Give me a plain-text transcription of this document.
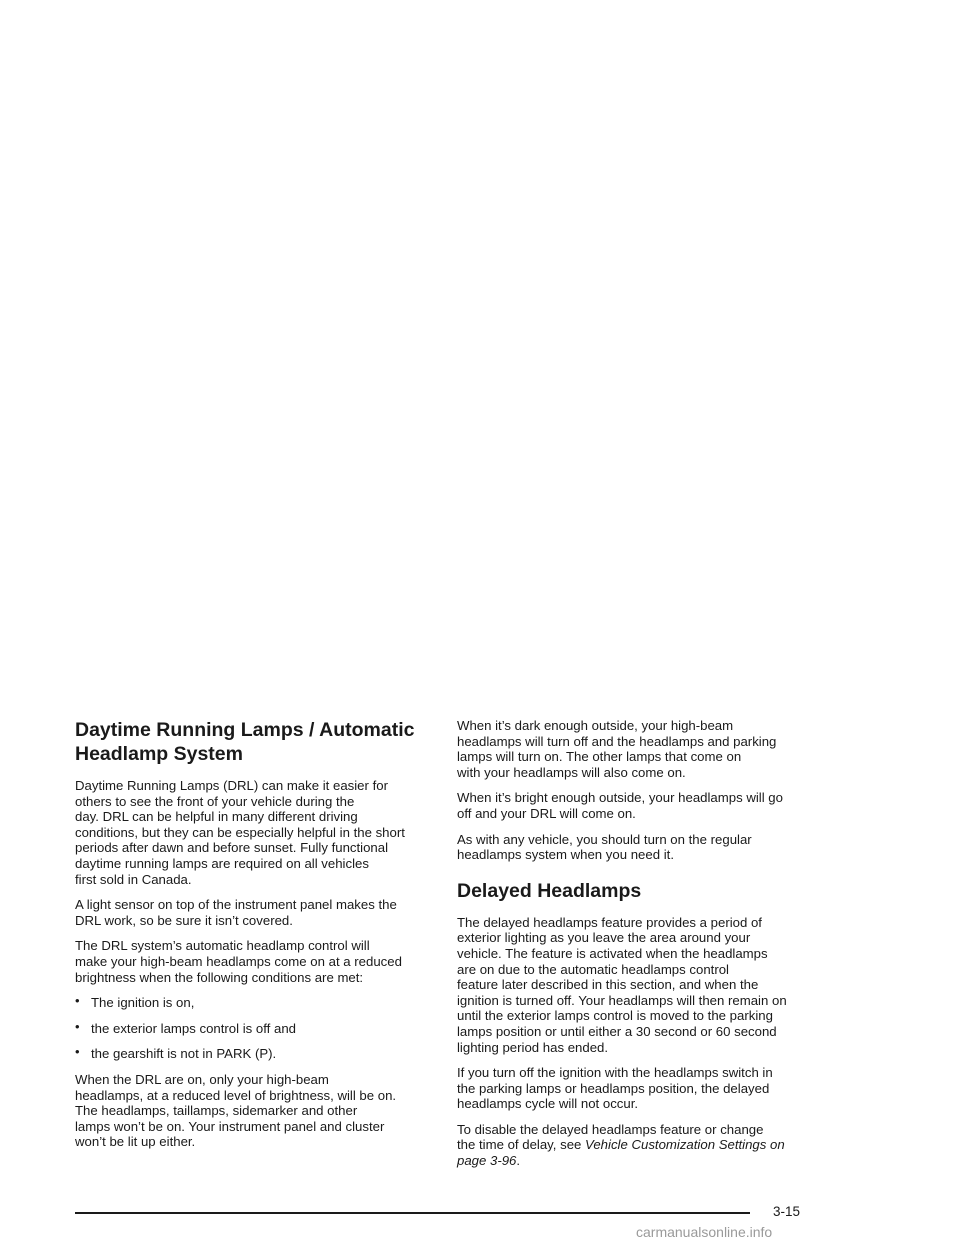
Daytime Running Lamps / Automatic
Headlamp System

Daytime Running Lamps (DRL) can make it easier for
others to see the front of your vehicle during the
day. DRL can be helpful in many different driving
conditions, but they can be especially helpful in the short
periods after dawn and before sunset. Fully functional
daytime running lamps are required on all vehicles
first sold in Canada.

A light sensor on top of the instrument panel makes the
DRL work, so be sure it isn’t covered.

The DRL system’s automatic headlamp control will
make your high-beam headlamps come on at a reduced
brightness when the following conditions are met:

• The ignition is on,
• the exterior lamps control is off and
• the gearshift is not in PARK (P).

When the DRL are on, only your high-beam
headlamps, at a reduced level of brightness, will be on.
The headlamps, taillamps, sidemarker and other
lamps won’t be on. Your instrument panel and cluster
won’t be lit up either.

When it’s dark enough outside, your high-beam
headlamps will turn off and the headlamps and parking
lamps will turn on. The other lamps that come on
with your headlamps will also come on.

When it’s bright enough outside, your headlamps will go
off and your DRL will come on.

As with any vehicle, you should turn on the regular
headlamps system when you need it.

Delayed Headlamps

The delayed headlamps feature provides a period of
exterior lighting as you leave the area around your
vehicle. The feature is activated when the headlamps
are on due to the automatic headlamps control
feature later described in this section, and when the
ignition is turned off. Your headlamps will then remain on
until the exterior lamps control is moved to the parking
lamps position or until either a 30 second or 60 second
lighting period has ended.

If you turn off the ignition with the headlamps switch in
the parking lamps or headlamps position, the delayed
headlamps cycle will not occur.

To disable the delayed headlamps feature or change
the time of delay, see Vehicle Customization Settings on
page 3-96.

3-15
carmanualsonline.info
